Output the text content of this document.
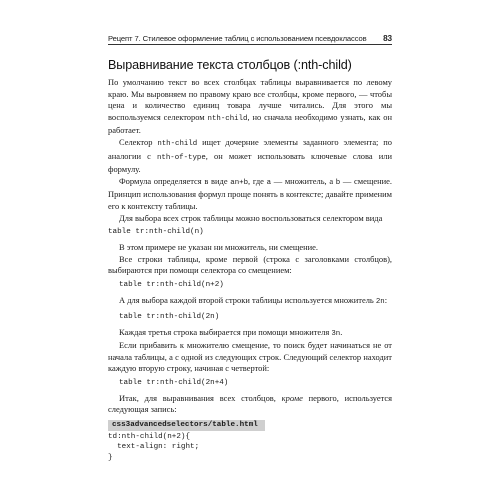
Рецепт 7. Стилевое оформление таблиц с использованием псевдоклассов 83
Выравнивание текста столбцов (:nth-child)

По умолчанию текст во всех столбцах таблицы выравнивается по левому краю. Мы выровняем по правому краю все столбцы, кроме первого, — чтобы цена и количество единиц товара лучше читались. Для этого мы воспользуемся селектором nth-child, но сначала необходимо узнать, как он работает.

Селектор nth-child ищет дочерние элементы заданного элемента; по аналогии с nth-of-type, он может использовать ключевые слова или формулу.

Формула определяется в виде an+b, где a — множитель, а b — смещение. Принцип использования формул проще понять в контексте; давайте применим его к контексту таблицы.

Для выбора всех строк таблицы можно воспользоваться селектором вида

table tr:nth-child(n)

В этом примере не указан ни множитель, ни смещение.

Все строки таблицы, кроме первой (строка с заголовками столбцов), выбираются при помощи селектора со смещением:

table tr:nth-child(n+2)

А для выбора каждой второй строки таблицы используется множитель 2n:

table tr:nth-child(2n)

Каждая третья строка выбирается при помощи множителя 3n.

Если прибавить к множителю смещение, то поиск будет начинаться не от начала таблицы, а с одной из следующих строк. Следующий селектор находит каждую вторую строку, начиная с четвертой:

table tr:nth-child(2n+4)

Итак, для выравнивания всех столбцов, кроме первого, используется следующая запись:

css3advancedselectors/table.html
td:nth-child(n+2){
text-align: right;
}
